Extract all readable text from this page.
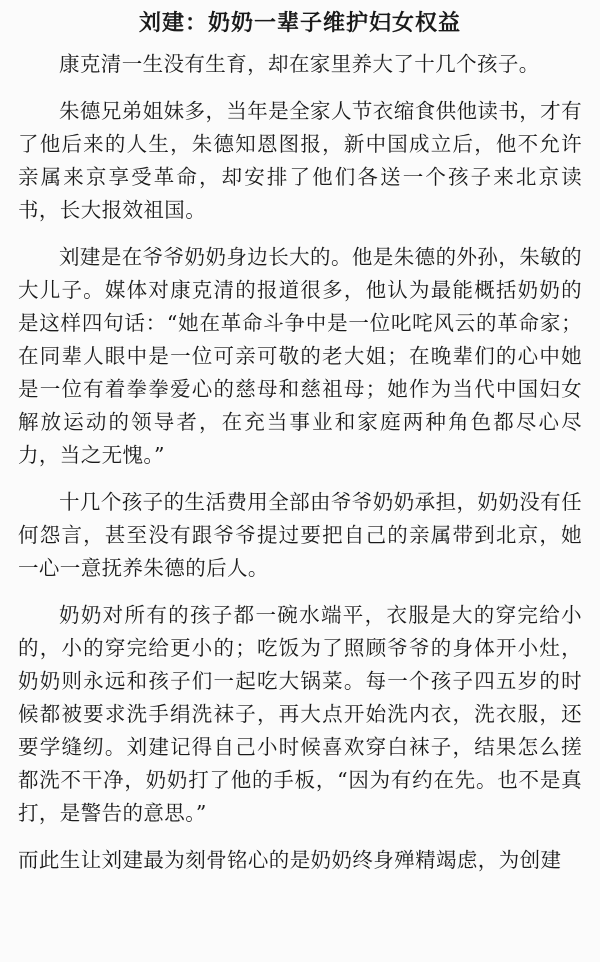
刘建：奶奶一辈子维护妇女权益

康克清一生没有生育，却在家里养大了十几个孩子。

朱德兄弟姐妹多，当年是全家人节衣缩食供他读书，才有了他后来的人生，朱德知恩图报，新中国成立后，他不允许亲属来京享受革命，却安排了他们各送一个孩子来北京读书，长大报效祖国。

刘建是在爷爷奶奶身边长大的。他是朱德的外孙，朱敏的大儿子。媒体对康克清的报道很多，他认为最能概括奶奶的是这样四句话：“她在革命斗争中是一位叱咤风云的革命家；在同辈人眼中是一位可亲可敬的老大姐；在晚辈们的心中她是一位有着拳拳爱心的慈母和慈祖母；她作为当代中国妇女解放运动的领导者，在充当事业和家庭两种角色都尽心尽力，当之无愧。”

十几个孩子的生活费用全部由爷爷奶奶承担，奶奶没有任何怨言，甚至没有跟爷爷提过要把自己的亲属带到北京，她一心一意抚养朱德的后人。

奶奶对所有的孩子都一碗水端平，衣服是大的穿完给小的，小的穿完给更小的；吃饭为了照顾爷爷的身体开小灶，奶奶则永远和孩子们一起吃大锅菜。每一个孩子四五岁的时候都被要求洗手绢洗袜子，再大点开始洗内衣，洗衣服，还要学缝纫。刘建记得自己小时候喜欢穿白袜子，结果怎么搓都洗不干净，奶奶打了他的手板，“因为有约在先。也不是真打，是警告的意思。”

而此生让刘建最为刻骨铭心的是奶奶终身殚精竭虑，为创建
